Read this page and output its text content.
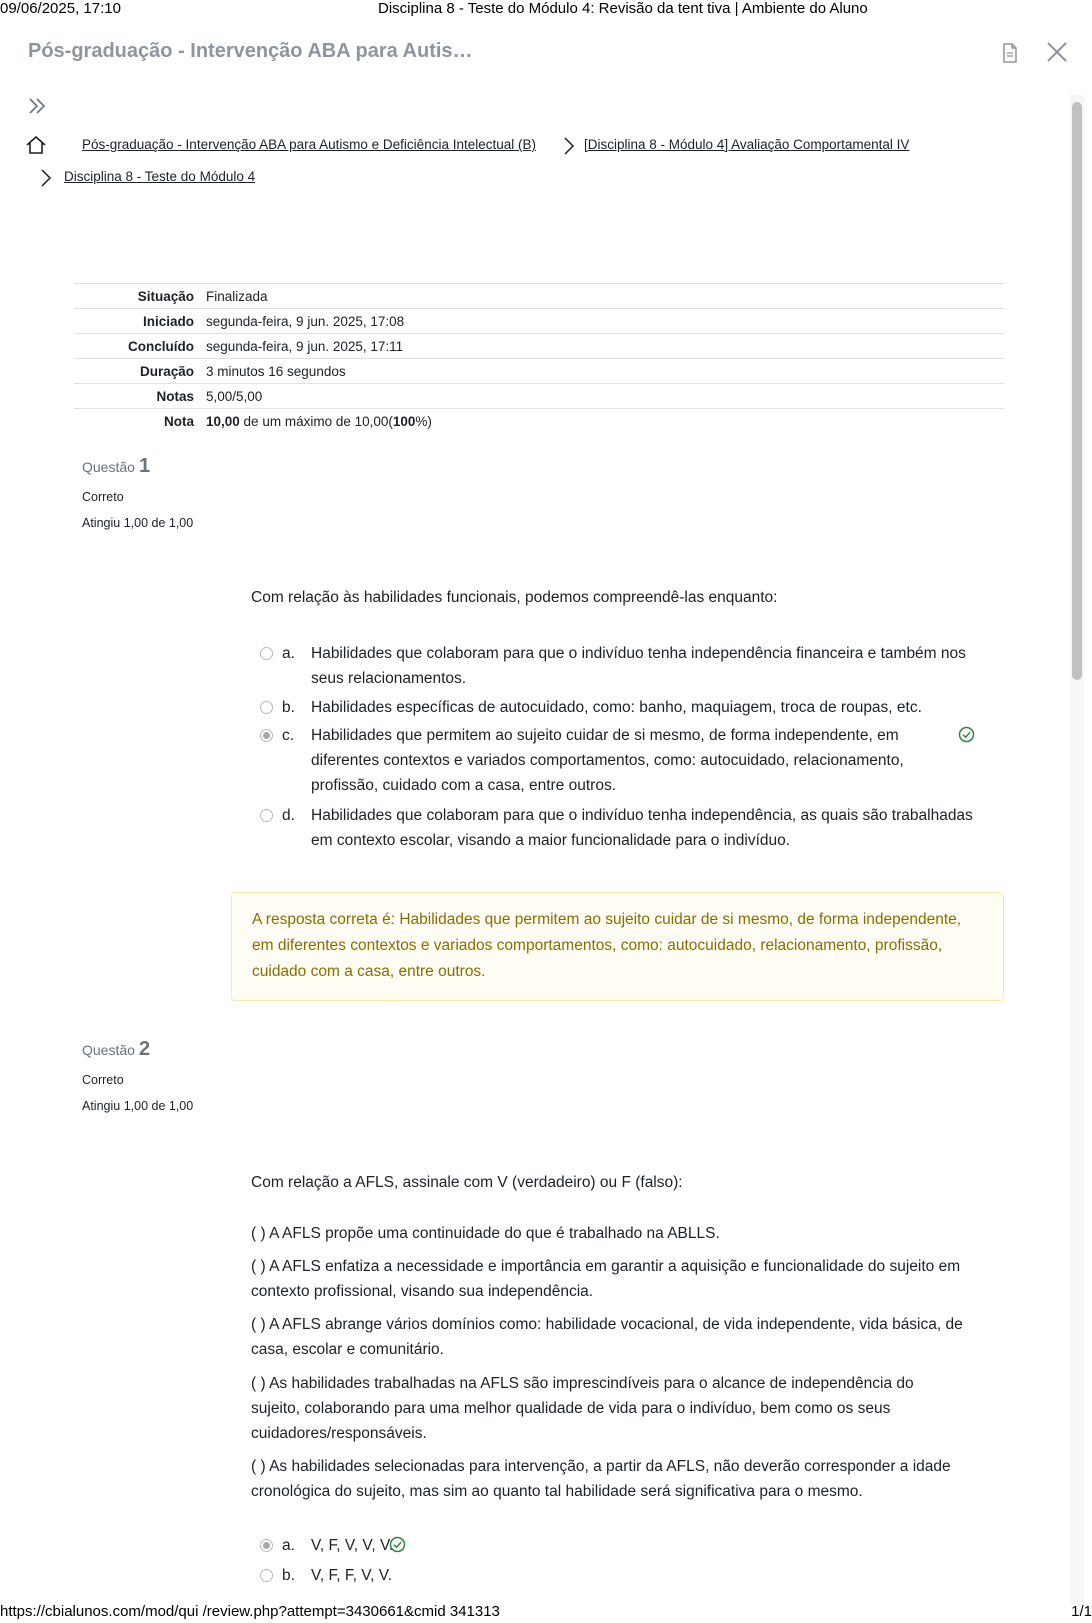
09/06/2025, 17:10	Disciplina 8 - Teste do Módulo 4: Revisão da tent tiva | Ambiente do Aluno
Pós-graduação - Intervenção ABA para Autis…
Pós-graduação - Intervenção ABA para Autismo e Deficiência Intelectual (B)	[Disciplina 8 - Módulo 4] Avaliação Comportamental IV
Disciplina 8 - Teste do Módulo 4
Situação	Finalizada
Iniciado	segunda-feira, 9 jun. 2025, 17:08
Concluído	segunda-feira, 9 jun. 2025, 17:11
Duração	3 minutos 16 segundos
Notas	5,00/5,00
Nota	10,00 de um máximo de 10,00(100%)
Questão 1
Correto
Atingiu 1,00 de 1,00
Com relação às habilidades funcionais, podemos compreendê-las enquanto:
a. Habilidades que colaboram para que o indivíduo tenha independência financeira e também nos seus relacionamentos.
b. Habilidades específicas de autocuidado, como: banho, maquiagem, troca de roupas, etc.
c. Habilidades que permitem ao sujeito cuidar de si mesmo, de forma independente, em diferentes contextos e variados comportamentos, como: autocuidado, relacionamento, profissão, cuidado com a casa, entre outros.
d. Habilidades que colaboram para que o indivíduo tenha independência, as quais são trabalhadas em contexto escolar, visando a maior funcionalidade para o indivíduo.
A resposta correta é: Habilidades que permitem ao sujeito cuidar de si mesmo, de forma independente, em diferentes contextos e variados comportamentos, como: autocuidado, relacionamento, profissão, cuidado com a casa, entre outros.
Questão 2
Correto
Atingiu 1,00 de 1,00
Com relação a AFLS, assinale com V (verdadeiro) ou F (falso):
( ) A AFLS propõe uma continuidade do que é trabalhado na ABLLS.
( ) A AFLS enfatiza a necessidade e importância em garantir a aquisição e funcionalidade do sujeito em contexto profissional, visando sua independência.
( ) A AFLS abrange vários domínios como: habilidade vocacional, de vida independente, vida básica, de casa, escolar e comunitário.
( ) As habilidades trabalhadas na AFLS são imprescindíveis para o alcance de independência do sujeito, colaborando para uma melhor qualidade de vida para o indivíduo, bem como os seus cuidadores/responsáveis.
( ) As habilidades selecionadas para intervenção, a partir da AFLS, não deverão corresponder a idade cronológica do sujeito, mas sim ao quanto tal habilidade será significativa para o mesmo.
a. V, F, V, V, V.
b. V, F, F, V, V.
https://cbialunos.com/mod/qui /review.php?attempt=3430661&cmid 341313	1/1
